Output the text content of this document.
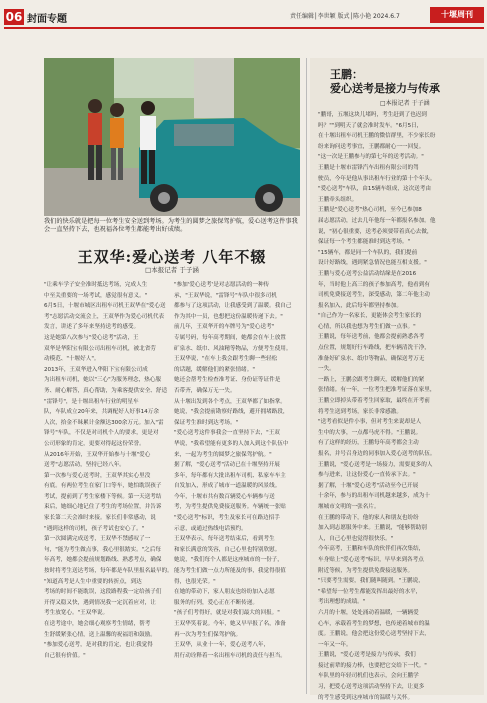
06 封面专题	责任编辑│李世颖 版式│陈小艳 2024.6.7	十堰周刊
我们的快乐就是把每一位考生安全送到考场。为考生的圆梦之旅保驾护航，爱心送考这件事我会一直坚持下去，也祝福各位考生都能考出好成绩。
王双华:爱心送考 八年不辍
□本报记者 于子涵
"让乘车学子安全准时抵达考场，完成人生
中至关重要的一场考试，感觉很有意义。"
6月5日，十堰市城区出租车司机王双华在"爱心送
考"志愿活动交流会上，王双华作为爱心司机代表
发言，讲述了多年来坚持送考的感受。
这是她第八次参与"爱心送考"活动，王
双华是华阳宝有限公司出租车司机，被北省劳
动模范、"十堰好人"。
2013年，王双华进入华阳下宝有限公司成
为出租车司机，她以"三心"为服务理念，热心服
务、耐心解答，真心帮助，为乘客提供安全、舒适
"雷锋号"，是十堰出租车行业的明星车
队，车队成立20年来，共调配好人好事14万余
人次，拾金不昧累计金额达300余万元。加入"雷
锋号"车队，不仅是对司机个人的要求，更是对
公司形象的肯定，更要对得起这份荣誉。
从2016年开始，王双华开始参与十堰"爱心
送考"志愿活动，坚持已经八年。
第一次参与爱心送考时，王双华其实心里没
有底。有两位考生在家门口等车，她怕耽误孩子
考试，提前到了考生家楼下等候。第一天送考结
束后，她细心地记住了考生的考场位置，并告诉
家长第二天会准时来接。家长们非常感动，说
"遇到这样的司机，孩子考试也安心了。"
第一次圆满完成送考，王双华不禁感叹了一
句，"能为考生做点事，我心里很踏实。"之后每
年高考，她都会提前规划路线、熟悉考点，确保
按时将考生送达考场，每年都是车队里报名最早的。
"知道高考是人生中重要的转折点，到达
考场的时间不能耽误，这段路程我一定给孩子们
开得又稳又快，遇到情况我一定沉着应对，让
考生放宽心。"王双华说。
在送考途中，她会细心观察考生情绪，帮考
生舒缓紧张心情，送上温馨的祝福语和鼓励。
"参加爱心送考，是对我的肯定，也让我觉得
自己很有价值。"
"参加'爱心送考'是对志愿活动的一种传
承，"王双华说，"雷锋号"车队中很多司机
都参与了这项活动，让我感受到了温暖。我自己
作为其中一员，也想把这份温暖传递下去。"
前几年，王双华开的车牌号为"爱心送考"
专属号码，每年高考期间，她都会在车上放置
矿泉水、纸巾、风油精等物品，方便考生使用。
王双华说，"在车上我会跟考生聊一些轻松
的话题，缓解他们的紧张情绪。"
她还会帮考生检查准考证、身份证等证件是
否带齐，确保万无一失。
从十堰出发到各个考点，王双华都了如指掌。
她说，"我会提前勘察好路线，避开拥堵路段，
保证考生准时到达考场。"
"爱心送考这件事我会一直坚持下去，"王双
华说，"我希望能有更多的人加入到这个队伍中
来，一起为考生的圆梦之旅保驾护航。"
据了解，"爱心送考"活动已在十堰坚持开展
多年，每年都有大批出租车司机、私家车车主
自发加入，形成了城市一道温暖的风景线。
今年，十堰市共有数百辆爱心车辆参与送
考，为考生提供免费接送服务。车辆统一张贴
"爱心送考"标识，考生及家长可在路边招手
示意，或通过热线电话预约。
王双华表示，每年送考结束后，看到考生
和家长满意的笑容，自己心里也特别欣慰。
她说，"我们每个人都是这座城市的一份子，
能为考生们做一点力所能及的事，我觉得很值
得，也很光荣。"
在她的带动下，家人朋友也纷纷加入志愿
服务的行列，爱心正在不断传递。
"孩子们考得好，就是对我们最大的回报。"
王双华笑着说。今年，她又早早报了名，准备
再一次为考生们保驾护航。
王双华，从业十一年，爱心送考八年，
用行动诠释着一名出租车司机的责任与担当。
王鹏：
爱心送考是接力与传承
□本报记者 于子涵
"鹏哥，五堰这块儿堵吗，考生赶到了也迟到
吗？""到明天了就会准时发车。"6月5日，
在十堰出租车司机王鹏的微信群里，不少家长纷
纷来询问送考事宜，王鹏都耐心一一回复。
"这一次是王鹏参与的第七年的送考活动。"
王鹏是十堰市雷锋汽车出租有限公司的驾
驶员，今年是他从事出租车行业的第十个年头。
"爱心送考"车队，由15辆车组成，这次送考由
王鹏牵头组织。
王鹏是"爱心送考"热心司机，至今已参加8
届志愿活动，过去几年他每一年都报名参加。他
说，"初心很重要，送考必须要带着真心去做，
保证每一个考生都能准时到达考场。"
"15辆车，都是同一个车队的，我们提前
设计好路线，遇到紧急情况也能互相支援。"
王鹏与爱心送考公益活动结缘是在2016
年，当时他上高三的孩子参加高考，他看到有
司机免费接送考生，深受感动，第二年他主动
报名加入，此后每年都坚持参加。
"自己作为一名家长，更能体会考生家长的
心情，所以我也想为考生们做一点事。"
王鹏说，每年送考前，他都会提前熟悉各考
点位置，规划好行车路线，把车辆清洗干净，
准备好矿泉水、纸巾等物品，确保送考万无
一失。
一路上，王鹏会跟考生聊天，缓解他们的紧
张情绪。有一年，一位考生把准考证落在家里，
王鹏立即掉头带着考生回家取，最终在开考前
将考生送到考场，家长非常感激。
"送考看似是件小事，但对考生来说却是人
生中的大事，一点都马虎不得。"王鹏说。
有了这样的经历，王鹏每年高考都会主动
报名，并号召身边的同事加入爱心送考的队伍。
王鹏说，"爱心送考是一场接力，需要更多的人
参与进来，让这份爱心一直传承下去。"
据了解，十堰"爱心送考"活动至今已开展
十余年，参与的出租车司机越来越多，成为十
堰城市文明的一张名片。
在王鹏的带动下，他的家人和朋友也纷纷
加入到志愿服务中来。王鹏说，"能够帮助别
人，自己心里也觉得很快乐。"
今年高考，王鹏和车队的伙伴们再次集结，
车身贴上"爱心送考"标识，早早来到各考点
附近等候，为考生提供免费接送服务。
"只要考生需要，我们随叫随到。"王鹏说，
"希望每一位考生都能发挥出最好的水平，
考出理想的成绩。"
六月的十堰，处处涌动着温暖，一辆辆爱
心车，承载着考生的梦想，也传递着城市的温
度。王鹏说，他会把这份爱心送考坚持下去，
一年又一年。
王鹏说，"爱心送考是接力与传承，我们
接过前辈的接力棒，也要把它交给下一代。"
车队里的年轻司机们也表示，会向王鹏学
习，把爱心送考这项活动坚持下去，让更多
的考生感受到这座城市的温暖与关怀。
